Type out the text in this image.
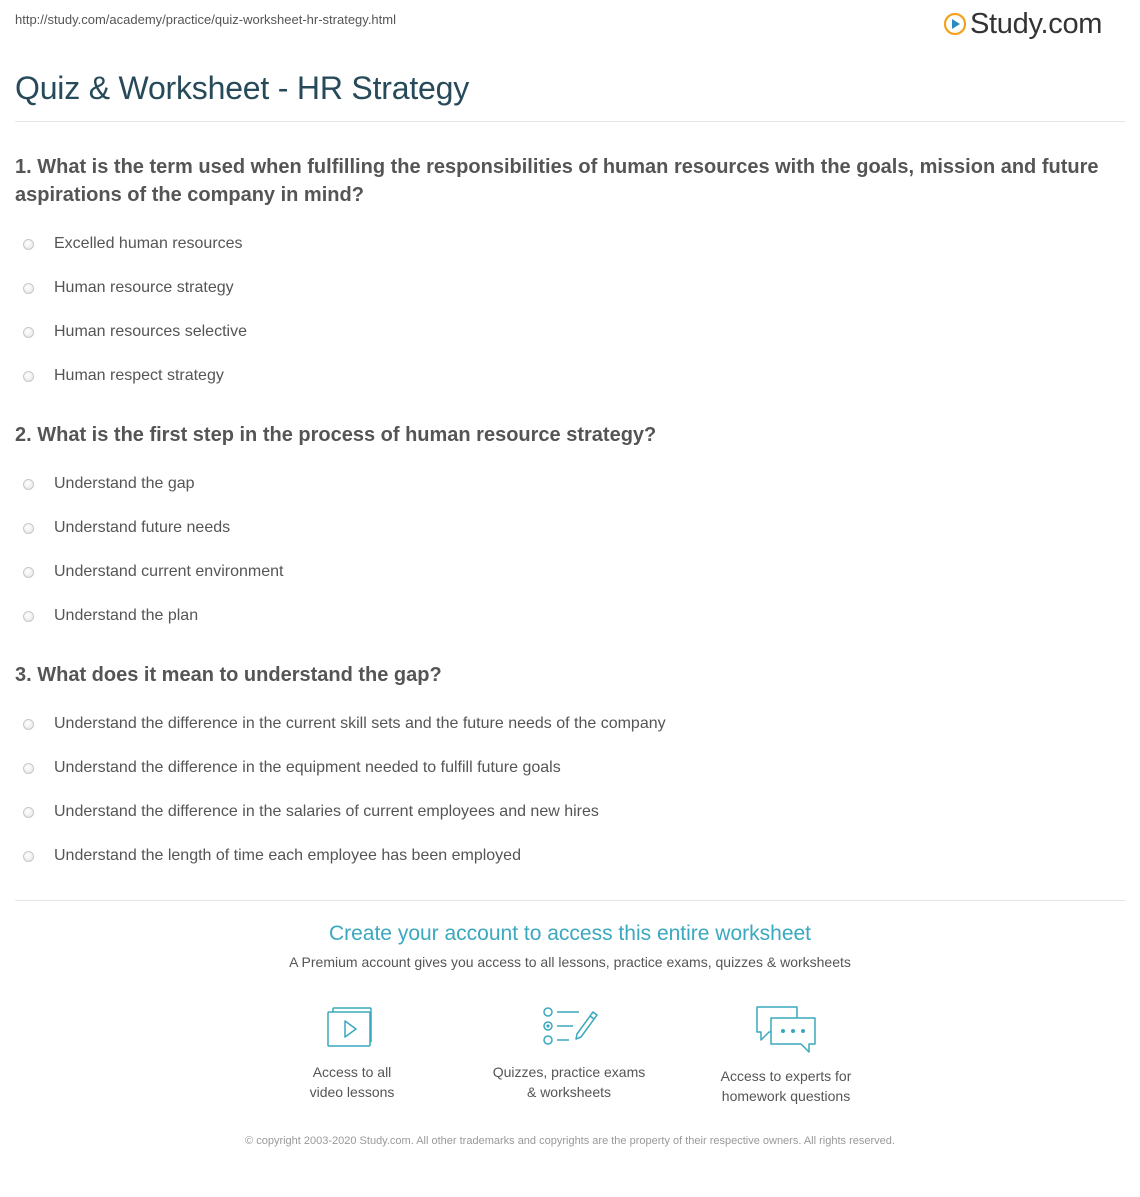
http://study.com/academy/practice/quiz-worksheet-hr-strategy.html	Study.com
Quiz & Worksheet - HR Strategy
1. What is the term used when fulfilling the responsibilities of human resources with the goals, mission and future aspirations of the company in mind?
Excelled human resources
Human resource strategy
Human resources selective
Human respect strategy
2. What is the first step in the process of human resource strategy?
Understand the gap
Understand future needs
Understand current environment
Understand the plan
3. What does it mean to understand the gap?
Understand the difference in the current skill sets and the future needs of the company
Understand the difference in the equipment needed to fulfill future goals
Understand the difference in the salaries of current employees and new hires
Understand the length of time each employee has been employed
Create your account to access this entire worksheet
A Premium account gives you access to all lessons, practice exams, quizzes & worksheets
Access to all
video lessons
Quizzes, practice exams
& worksheets
Access to experts for
homework questions
© copyright 2003-2020 Study.com. All other trademarks and copyrights are the property of their respective owners. All rights reserved.
